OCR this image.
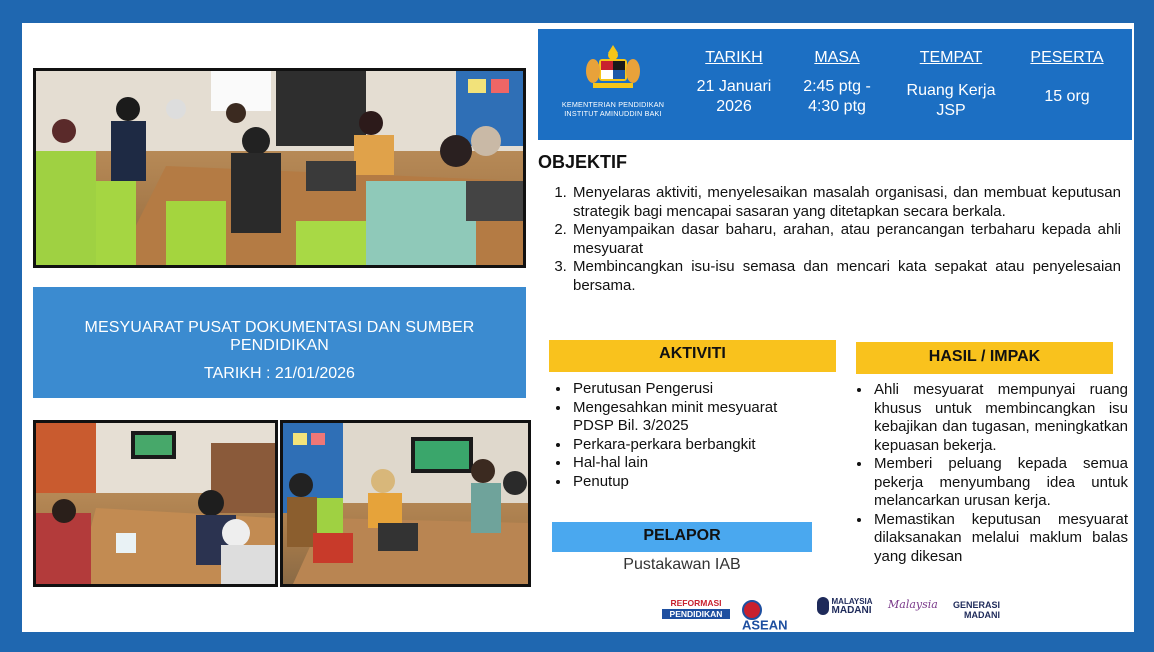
MESYUARAT PUSAT DOKUMENTASI DAN SUMBER PENDIDIKAN
TARIKH : 21/01/2026
KEMENTERIAN PENDIDIKAN
INSTITUT AMINUDDIN BAKI
TARIKH
21 Januari
2026
MASA
2:45 ptg -
4:30 ptg
TEMPAT
Ruang Kerja
JSP
PESERTA
15 org
OBJEKTIF
1. Menyelaras aktiviti, menyelesaikan masalah organisasi, dan membuat keputusan strategik bagi mencapai sasaran yang ditetapkan secara berkala.
2. Menyampaikan dasar baharu, arahan, atau perancangan terbaharu kepada ahli mesyuarat
3. Membincangkan isu-isu semasa dan mencari kata sepakat atau penyelesaian bersama.
AKTIVITI
• Perutusan Pengerusi
• Mengesahkan minit mesyuarat PDSP Bil. 3/2025
• Perkara-perkara berbangkit
• Hal-hal lain
• Penutup
HASIL / IMPAK
• Ahli mesyuarat mempunyai ruang khusus untuk membincangkan isu kebajikan dan tugasan, meningkatkan kepuasan bekerja.
• Memberi peluang kepada semua pekerja menyumbang idea untuk melancarkan urusan kerja.
• Memastikan keputusan mesyuarat dilaksanakan melalui maklum balas yang dikesan
PELAPOR
Pustakawan IAB
REFORMASI
PENDIDIKAN
ASEAN

MALAYSIA
MADANI Malaysia	GENERASI
MADANI
